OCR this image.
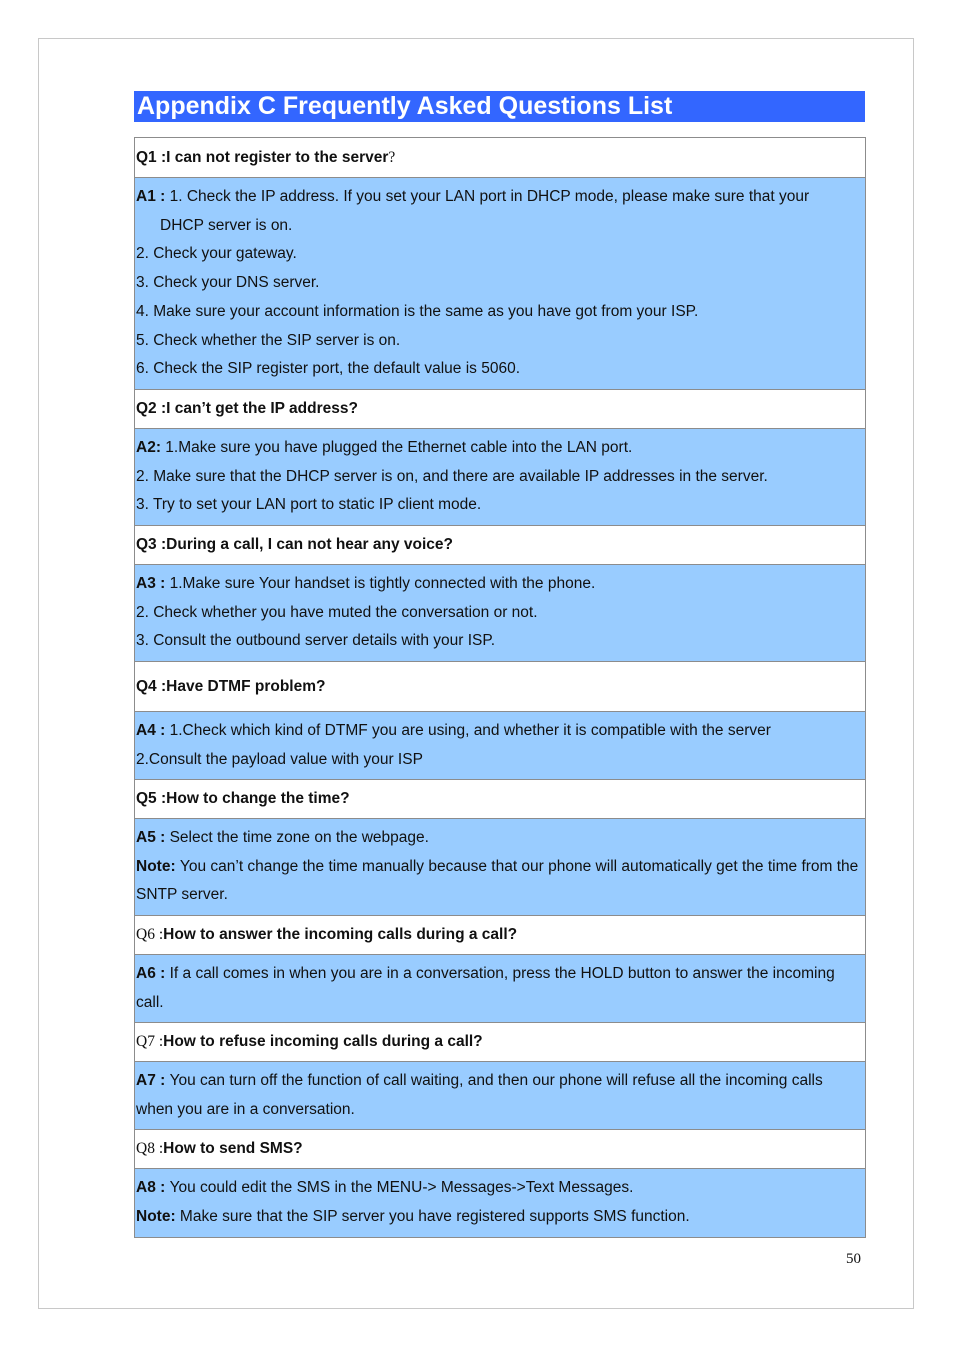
Appendix C Frequently Asked Questions List
Q1 : I can not register to the server ?
A1 : 1. Check the IP address. If you set your LAN port in DHCP mode, please make sure that your
DHCP server is on.
2. Check your gateway.
3. Check your DNS server.
4. Make sure your account information is the same as you have got from your ISP.
5. Check whether the SIP server is on.
6. Check the SIP register port, the default value is 5060.
Q2 : I can’t get the IP address?
A2: 1.Make sure you have plugged the Ethernet cable into the LAN port.
2. Make sure that the DHCP server is on, and there are available IP addresses in the server.
3. Try to set your LAN port to static IP client mode.
Q3 : During a call, I can not hear any voice?
A3 : 1.Make sure Your handset is tightly connected with the phone.
2. Check whether you have muted the conversation or not.
3. Consult the outbound server details with your ISP.
Q4 : Have DTMF problem?
A4 : 1.Check which kind of DTMF you are using, and whether it is compatible with the server
2.Consult the payload value with your ISP
Q5 : How to change the time?
A5 : Select the time zone on the webpage.
Note: You can’t change the time manually because that our phone will automatically get the time from the SNTP server.
Q6 : How to answer the incoming calls during a call?
A6 : If a call comes in when you are in a conversation, press the HOLD button to answer the incoming call.
Q7 : How to refuse incoming calls during a call?
A7 : You can turn off the function of call waiting, and then our phone will refuse all the incoming calls when you are in a conversation.
Q8 : How to send SMS?
A8 : You could edit the SMS in the MENU-> Messages->Text Messages.
Note: Make sure that the SIP server you have registered supports SMS function.
50
